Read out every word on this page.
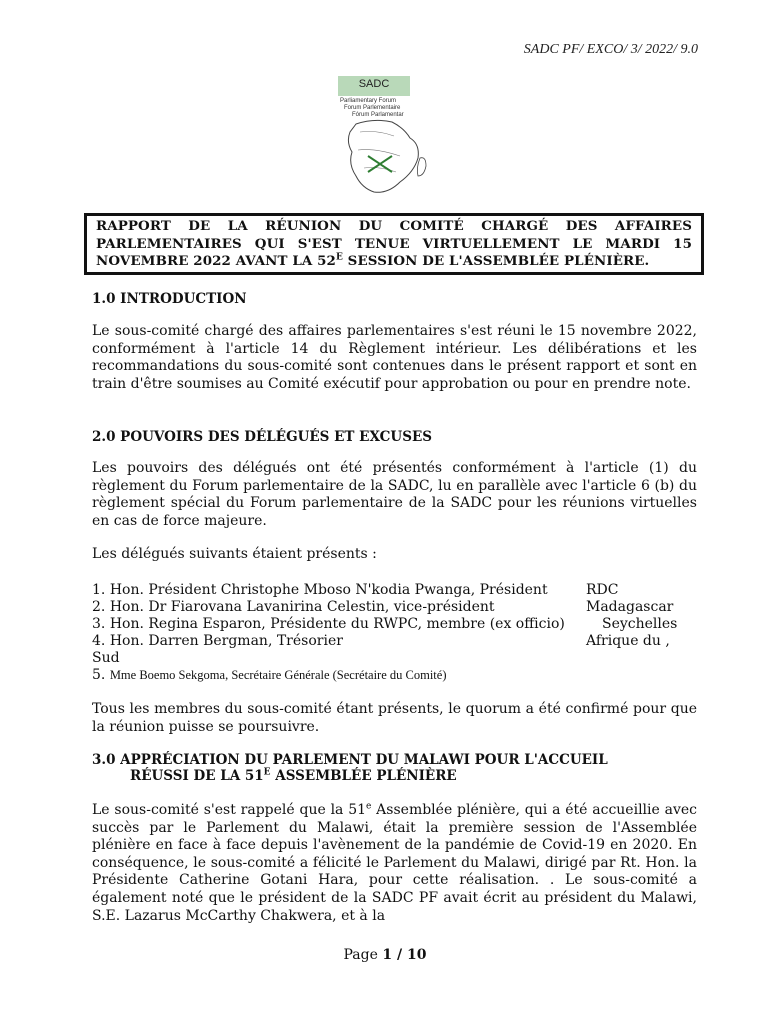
SADC PF/ EXCO/ 3/ 2022/ 9.0
SADC
Parliamentary Forum
Forum Parlementaire
Fórum Parlamentar
RAPPORT DE LA RÉUNION DU COMITÉ CHARGÉ DES AFFAIRES PARLEMENTAIRES QUI S'EST TENUE VIRTUELLEMENT LE MARDI 15 NOVEMBRE 2022 AVANT LA $52^E$ SESSION DE L'ASSEMBLÉE PLÉNIÈRE.
1.0 INTRODUCTION

Le sous-comité chargé des affaires parlementaires s'est réuni le 15 novembre 2022, conformément à l'article 14 du Règlement intérieur. Les délibérations et les recommandations du sous-comité sont contenues dans le présent rapport et sont en train d'être soumises au Comité exécutif pour approbation ou pour en prendre note.

2.0 POUVOIRS DES DÉLÉGUÉS ET EXCUSES

Les pouvoirs des délégués ont été présentés conformément à l'article (1) du règlement du Forum parlementaire de la SADC, lu en parallèle avec l'article 6 (b) du règlement spécial du Forum parlementaire de la SADC pour les réunions virtuelles en cas de force majeure.

Les délégués suivants étaient présents :

1. Hon. Président Christophe Mboso N'kodia Pwanga, Président	RDC
2. Hon. Dr Fiarovana Lavanirina Celestin, vice-président	Madagascar
3. Hon. Regina Esparon, Présidente du RWPC, membre (ex officio)	Seychelles
4. Hon. Darren Bergman, Trésorier	Afrique du ,
Sud
5. Mme Boemo Sekgoma, Secrétaire Générale (Secrétaire du Comité)

Tous les membres du sous-comité étant présents, le quorum a été confirmé pour que la réunion puisse se poursuivre.

3.0 APPRÉCIATION DU PARLEMENT DU MALAWI POUR L'ACCUEIL
RÉUSSI DE LA $51^E$ ASSEMBLÉE PLÉNIÈRE

Le sous-comité s'est rappelé que la 51e Assemblée plénière, qui a été accueillie avec succès par le Parlement du Malawi, était la première session de l'Assemblée plénière en face à face depuis l'avènement de la pandémie de Covid-19 en 2020. En conséquence, le sous-comité a félicité le Parlement du Malawi, dirigé par Rt. Hon. la Présidente Catherine Gotani Hara, pour cette réalisation. . Le sous-comité a également noté que le président de la SADC PF avait écrit au président du Malawi, S.E. Lazarus McCarthy Chakwera, et à la

Page 1 / 10
